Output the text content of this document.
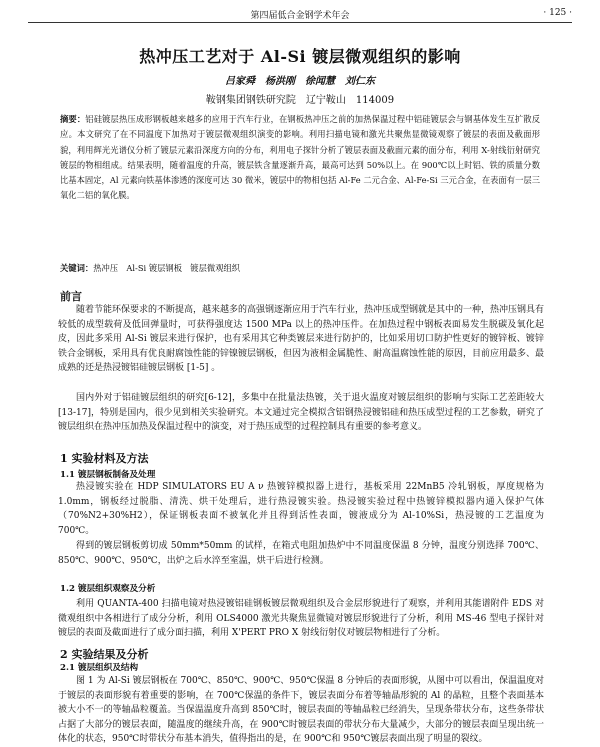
第四届低合金钢学术年会	· 125 ·
热冲压工艺对于 Al-Si 镀层微观组织的影响
吕家舜　杨洪刚　徐闻慧　刘仁东
鞍钢集团钢铁研究院　辽宁鞍山　114009
摘要：铝硅镀层热压成形钢板越来越多的应用于汽车行业，在钢板热冲压之前的加热保温过程中铝硅镀层会与钢基体发生互扩散反应。本文研究了在不同温度下加热对于镀层微观组织演变的影响。利用扫描电镜和激光共聚焦显微镜观察了镀层的表面及截面形貌，利用辉光光谱仪分析了镀层元素沿深度方向的分布，利用电子探针分析了镀层表面及截面元素的面分布，利用 X-射线衍射研究镀层的物相组成。结果表明，随着温度的升高，镀层铁含量逐渐升高，最高可达到 50%以上。在 900℃以上时铝、铁的质量分数比基本固定，Al 元素向铁基体渗透的深度可达 30 微米，镀层中的物相包括 Al-Fe 二元合金、Al-Fe-Si 三元合金，在表面有一层三氧化二铝的氧化膜。
关键词：热冲压　Al-Si 镀层钢板　镀层微观组织
前言
随着节能环保要求的不断提高，越来越多的高强钢逐渐应用于汽车行业，热冲压成型钢就是其中的一种，热冲压钢具有较低的成型载荷及低回弹量时，可获得强度达 1500 MPa 以上的热冲压件。在加热过程中钢板表面易发生脱碳及氧化起皮，因此多采用 Al-Si 镀层来进行保护，也有采用其它种类镀层来进行防护的，比如采用切口防护性更好的镀锌板、镀锌铁合金钢板，采用具有优良耐腐蚀性能的锌镍镀层钢板，但因为液相金属脆性、耐高温腐蚀性能的原因，目前应用最多、最成熟的还是热浸镀铝硅镀层钢板 [1-5] 。
国内外对于铝硅镀层组织的研究[6-12]，多集中在批量法热镀，关于退火温度对镀层组织的影响与实际工艺差距较大[13-17]，特别是国内，很少见到相关实验研究。本文通过完全模拟含铝钢热浸镀铝硅和热压成型过程的工艺参数，研究了镀层组织在热冲压加热及保温过程中的演变，对于热压成型的过程控制具有重要的参考意义。
1 实验材料及方法
1.1 镀层钢板制备及处理
热浸镀实验在 HDP SIMULATORS EU A ν 热镀锌模拟器上进行，基板采用 22MnB5 冷轧钢板，厚度规格为 1.0mm，钢板经过脱脂、清洗、烘干处理后，进行热浸镀实验。热浸镀实验过程中热镀锌模拟器内通入保护气体（70%N2+30%H2），保证钢板表面不被氧化并且得到活性表面，镀液成分为 Al-10%Si，热浸镀的工艺温度为 700℃。
得到的镀层钢板剪切成 50mm*50mm 的试样，在箱式电阻加热炉中不同温度保温 8 分钟，温度分别选择 700℃、850℃、900℃、950℃，出炉之后水淬至室温，烘干后进行检测。
1.2 镀层组织观察及分析
利用 QUANTA-400 扫描电镜对热浸镀铝硅钢板镀层微观组织及合金层形貌进行了观察，并利用其能谱附件 EDS 对微观组织中各相进行了成分分析，利用 OLS4000 激光共聚焦显微镜对镀层形貌进行了分析，利用 MS-46 型电子探针对镀层的表面及截面进行了成分面扫描，利用 X'PERT PRO X 射线衍射仪对镀层物相进行了分析。
2 实验结果及分析
2.1 镀层组织及结构
图 1 为 Al-Si 镀层钢板在 700℃、850℃、900℃、950℃保温 8 分钟后的表面形貌，从图中可以看出，保温温度对于镀层的表面形貌有着重要的影响，在 700℃保温的条件下，镀层表面分布着等轴晶形貌的 Al 的晶粒，且整个表面基本被大小不一的等轴晶粒覆盖。当保温温度升高到 850℃时，镀层表面的等轴晶粒已经消失，呈现条带状分布，这些条带状占据了大部分的镀层表面，随温度的继续升高，在 900℃时镀层表面的带状分布大量减少，大部分的镀层表面呈现出统一体化的状态，950℃时带状分布基本消失，值得指出的是，在 900℃和 950℃镀层表面出现了明显的裂纹。
